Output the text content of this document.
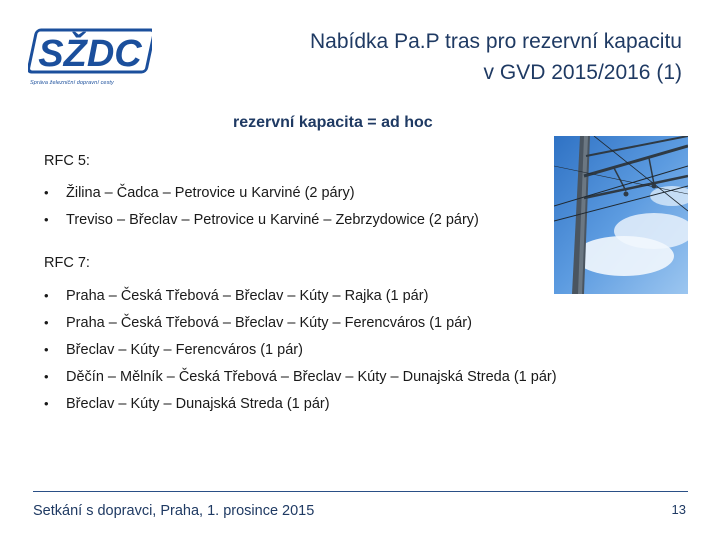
SŽDC
Správa železniční dopravní cesty
Nabídka Pa.P tras pro rezervní kapacitu
v GVD 2015/2016 (1)
rezervní kapacita = ad hoc
RFC 5:
• Žilina – Čadca – Petrovice u Karviné (2 páry)
• Treviso – Břeclav – Petrovice u Karviné – Zebrzydowice (2 páry)
RFC 7:
• Praha – Česká Třebová – Břeclav – Kúty – Rajka (1 pár)
• Praha – Česká Třebová – Břeclav – Kúty – Ferencváros (1 pár)
• Břeclav – Kúty – Ferencváros (1 pár)
• Děčín – Mělník – Česká Třebová – Břeclav – Kúty – Dunajská Streda (1 pár)
• Břeclav – Kúty – Dunajská Streda (1 pár)
Setkání s dopravci, Praha, 1. prosince 2015	13
